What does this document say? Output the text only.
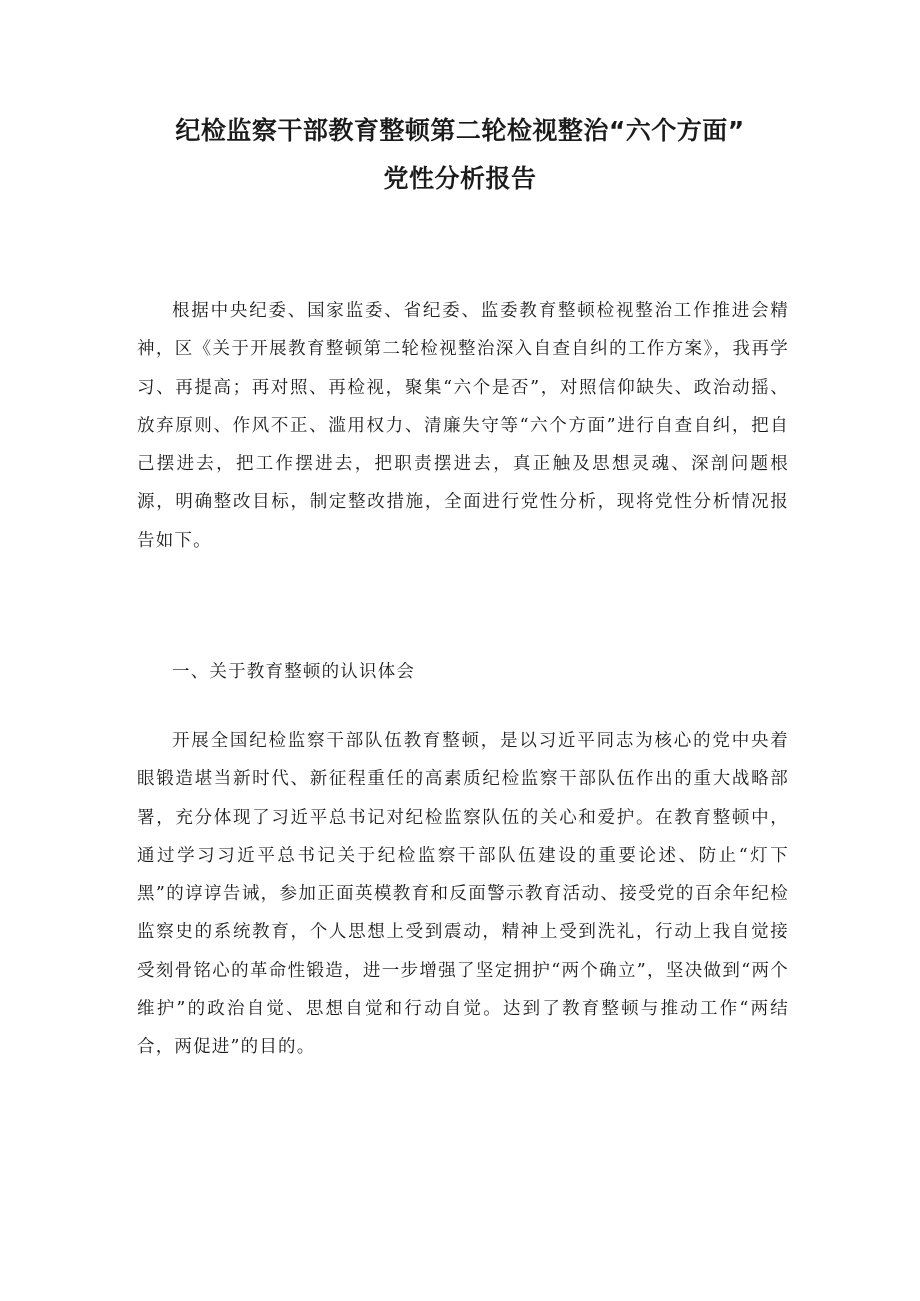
纪检监察干部教育整顿第二轮检视整治“六个方面”
党性分析报告

根据中央纪委、国家监委、省纪委、监委教育整顿检视整治工作推进会精神，区《关于开展教育整顿第二轮检视整治深入自查自纠的工作方案》，我再学习、再提高；再对照、再检视，聚集“六个是否”，对照信仰缺失、政治动摇、放弃原则、作风不正、滥用权力、清廉失守等“六个方面”进行自查自纠，把自己摆进去，把工作摆进去，把职责摆进去，真正触及思想灵魂、深剖问题根源，明确整改目标，制定整改措施，全面进行党性分析，现将党性分析情况报告如下。

一、关于教育整顿的认识体会

开展全国纪检监察干部队伍教育整顿，是以习近平同志为核心的党中央着眼锻造堪当新时代、新征程重任的高素质纪检监察干部队伍作出的重大战略部署，充分体现了习近平总书记对纪检监察队伍的关心和爱护。在教育整顿中，通过学习习近平总书记关于纪检监察干部队伍建设的重要论述、防止“灯下黑”的谆谆告诫，参加正面英模教育和反面警示教育活动、接受党的百余年纪检监察史的系统教育，个人思想上受到震动，精神上受到洗礼，行动上我自觉接受刻骨铭心的革命性锻造，进一步增强了坚定拥护“两个确立”，坚决做到“两个维护”的政治自觉、思想自觉和行动自觉。达到了教育整顿与推动工作“两结合，两促进”的目的。
